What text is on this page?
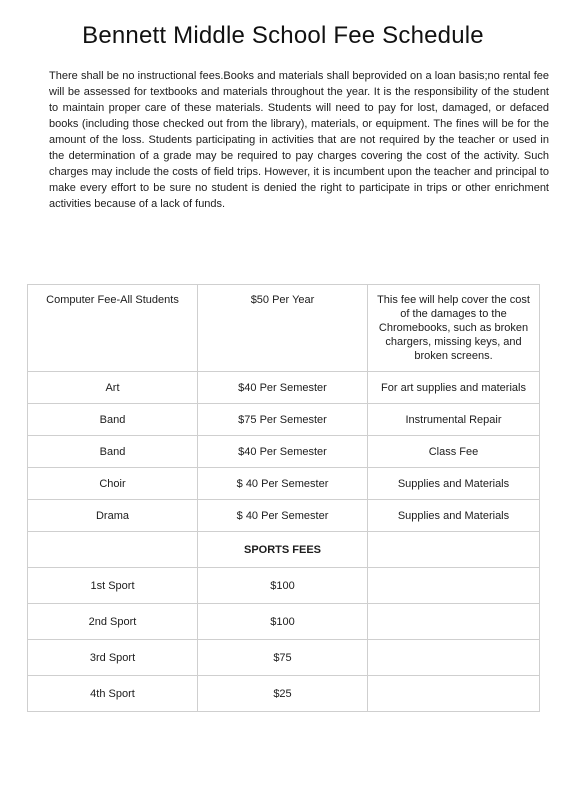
Bennett Middle School Fee Schedule

There shall be no instructional fees.Books and materials shall beprovided on a loan basis;no rental fee will be assessed for textbooks and materials throughout the year. It is the responsibility of the student to maintain proper care of these materials. Students will need to pay for lost, damaged, or defaced books (including those checked out from the library), materials, or equipment. The fines will be for the amount of the loss. Students participating in activities that are not required by the teacher or used in the determination of a grade may be required to pay charges covering the cost of the activity. Such charges may include the costs of field trips. However, it is incumbent upon the teacher and principal to make every effort to be sure no student is denied the right to participate in trips or other enrichment activities because of a lack of funds.

Computer Fee-All Students	$50 Per Year	This fee will help cover the cost of the damages to the Chromebooks, such as broken chargers, missing keys, and broken screens.
Art	$40 Per Semester	For art supplies and materials
Band	$75 Per Semester	Instrumental Repair
Band	$40 Per Semester	Class Fee
Choir	$ 40 Per Semester	Supplies and Materials
Drama	$ 40 Per Semester	Supplies and Materials
	SPORTS FEES	
1st Sport	$100	
2nd Sport	$100	
3rd Sport	$75	
4th Sport	$25	
